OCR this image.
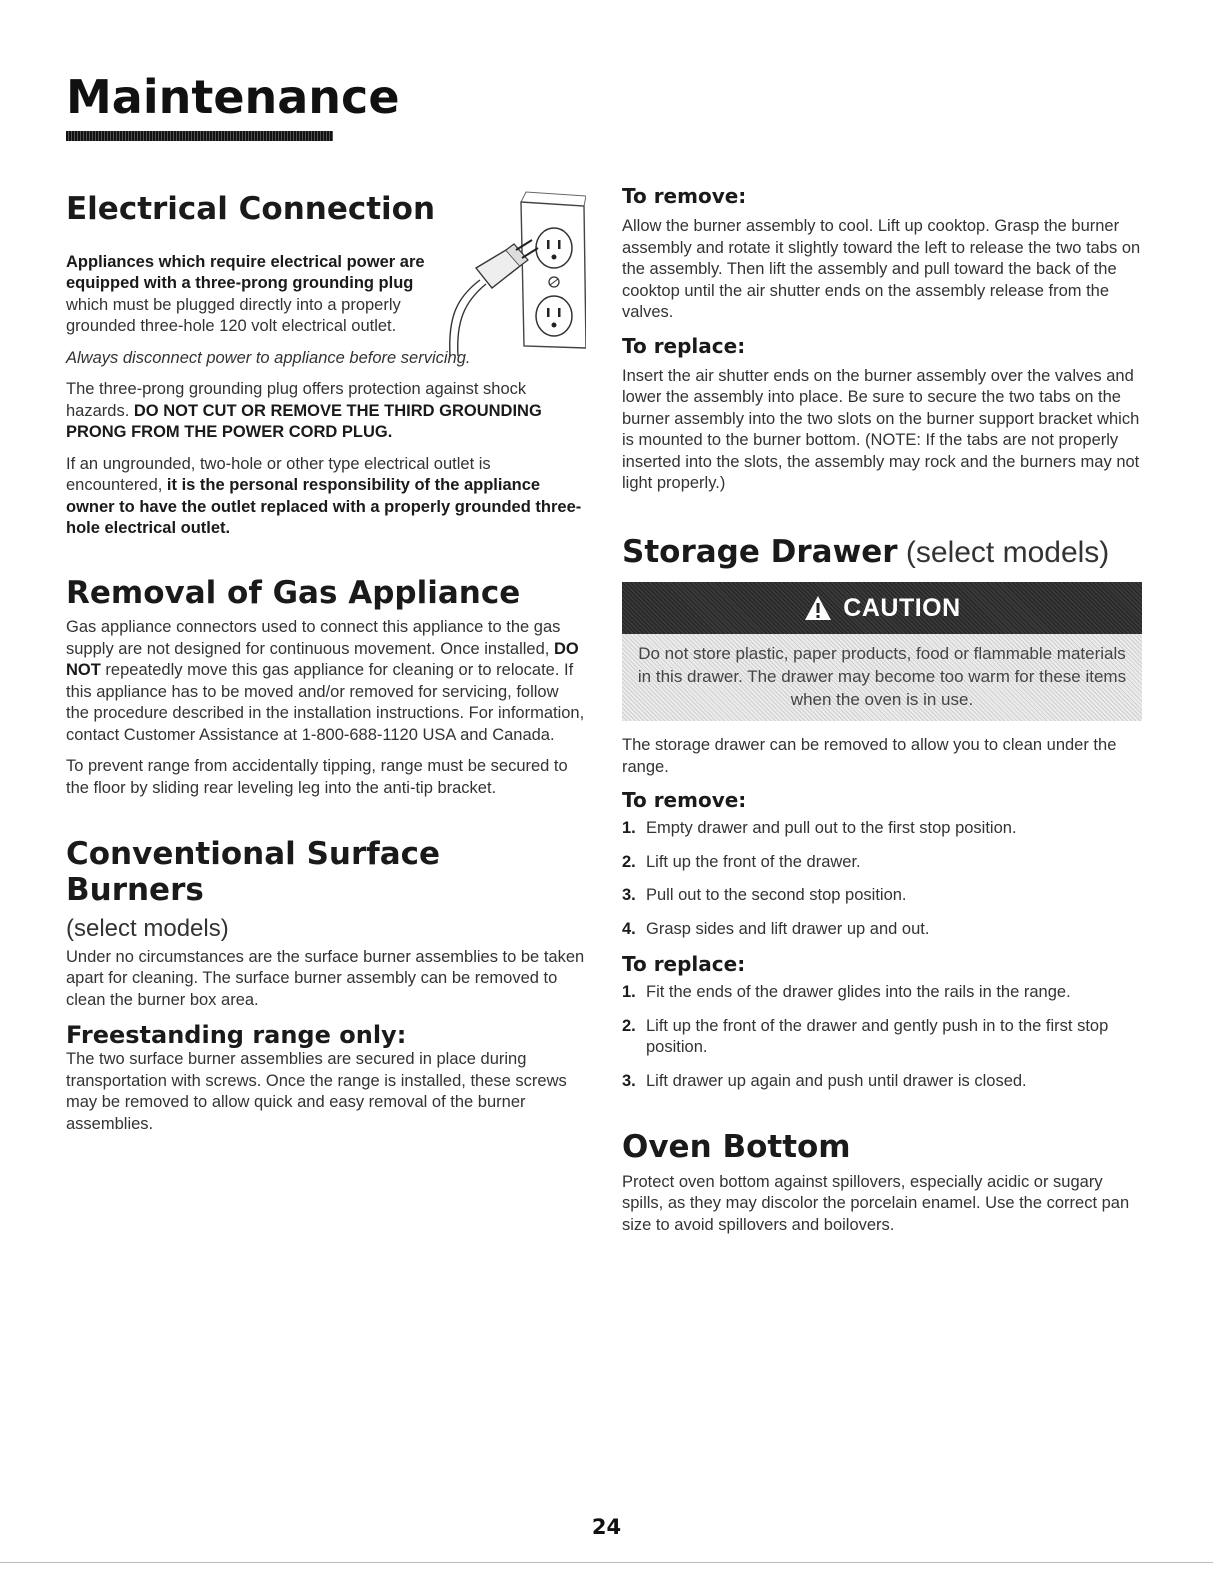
Maintenance
Electrical Connection

Appliances which require electrical power are equipped with a three-prong grounding plug which must be plugged directly into a properly grounded three-hole 120 volt electrical outlet.

Always disconnect power to appliance before servicing.

The three-prong grounding plug offers protection against shock hazards. DO NOT CUT OR REMOVE THE THIRD GROUNDING PRONG FROM THE POWER CORD PLUG.

If an ungrounded, two-hole or other type electrical outlet is encountered, it is the personal responsibility of the appliance owner to have the outlet replaced with a properly grounded three-hole electrical outlet.

Removal of Gas Appliance

Gas appliance connectors used to connect this appliance to the gas supply are not designed for continuous movement. Once installed, DO NOT repeatedly move this gas appliance for cleaning or to relocate. If this appliance has to be moved and/or removed for servicing, follow the procedure described in the installation instructions. For information, contact Customer Assistance at 1-800-688-1120 USA and Canada.

To prevent range from accidentally tipping, range must be secured to the floor by sliding rear leveling leg into the anti-tip bracket.

Conventional Surface Burners
(select models)

Under no circumstances are the surface burner assemblies to be taken apart for cleaning. The surface burner assembly can be removed to clean the burner box area.

Freestanding range only:

The two surface burner assemblies are secured in place during transportation with screws. Once the range is installed, these screws may be removed to allow quick and easy removal of the burner assemblies.

To remove:

Allow the burner assembly to cool. Lift up cooktop. Grasp the burner assembly and rotate it slightly toward the left to release the two tabs on the assembly. Then lift the assembly and pull toward the back of the cooktop until the air shutter ends on the assembly release from the valves.

To replace:

Insert the air shutter ends on the burner assembly over the valves and lower the assembly into place. Be sure to secure the two tabs on the burner assembly into the two slots on the burner support bracket which is mounted to the burner bottom. (NOTE: If the tabs are not properly inserted into the slots, the assembly may rock and the burners may not light properly.)

Storage Drawer (select models)
CAUTION
Do not store plastic, paper products, food or flammable materials in this drawer. The drawer may become too warm for these items when the oven is in use.

The storage drawer can be removed to allow you to clean under the range.

To remove:
1. Empty drawer and pull out to the first stop position.
2. Lift up the front of the drawer.
3. Pull out to the second stop position.
4. Grasp sides and lift drawer up and out.
To replace:
1. Fit the ends of the drawer glides into the rails in the range.
2. Lift up the front of the drawer and gently push in to the first stop position.
3. Lift drawer up again and push until drawer is closed.
Oven Bottom

Protect oven bottom against spillovers, especially acidic or sugary spills, as they may discolor the porcelain enamel. Use the correct pan size to avoid spillovers and boilovers.

24
